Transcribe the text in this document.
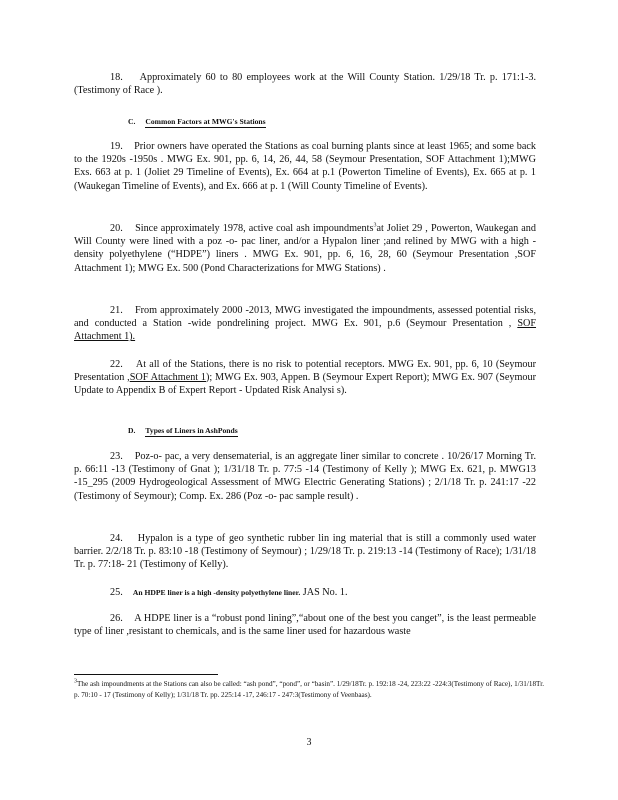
18.    Approximately 60 to 80 employees work at the Will County Station. 1/29/18 Tr. p. 171:1-3. (Testimony of Race ).

C. Common Factors at MWG's Stations

19.    Prior owners have operated the Stations as coal burning plants since at least 1965; and some back to the 1920s -1950s . MWG Ex. 901, pp. 6, 14, 26, 44, 58 (Seymour Presentation, SOF Attachment 1);MWG Exs. 663 at p. 1 (Joliet 29 Timeline of Events), Ex. 664 at p.1 (Powerton Timeline of Events), Ex. 665 at p. 1 (Waukegan Timeline of Events), and Ex. 666 at p. 1 (Will County Timeline of Events).

20.    Since approximately 1978, active coal ash impoundments$^3$at Joliet 29 , Powerton, Waukegan and Will County were lined with a poz -o- pac liner, and/or a Hypalon liner ;and relined by MWG with a high -density polyethylene (“HDPE”) liners . MWG Ex. 901, pp. 6, 16, 28, 60 (Seymour Presentation ,SOF Attachment 1); MWG Ex. 500 (Pond Characterizations for MWG Stations) .

21.    From approximately 2000 -2013, MWG investigated the impoundments, assessed potential risks, and conducted a Station -wide pondrelining project. MWG Ex. 901, p.6 (Seymour Presentation , SOF Attachment 1).

22.    At all of the Stations, there is no risk to potential receptors. MWG Ex. 901, pp. 6, 10 (Seymour Presentation ,SOF Attachment 1); MWG Ex. 903, Appen. B (Seymour Expert Report); MWG Ex. 907 (Seymour Update to Appendix B of Expert Report - Updated Risk Analysi s).

D. Types of Liners in AshPonds

23.    Poz-o- pac, a very densematerial, is an aggregate liner similar to concrete . 10/26/17 Morning Tr. p. 66:11 -13 (Testimony of Gnat ); 1/31/18 Tr. p. 77:5 -14 (Testimony of Kelly ); MWG Ex. 621, p. MWG13 -15_295 (2009 Hydrogeological Assessment of MWG Electric Generating Stations) ; 2/1/18 Tr. p. 241:17 -22 (Testimony of Seymour); Comp. Ex. 286 (Poz -o- pac sample result) .

24.    Hypalon is a type of geo synthetic rubber lin ing material that is still a commonly used water barrier. 2/2/18 Tr. p. 83:10 -18 (Testimony of Seymour) ; 1/29/18 Tr. p. 219:13 -14 (Testimony of Race); 1/31/18 Tr. p. 77:18- 21 (Testimony of Kelly).

25.    An HDPE liner is a high -density polyethylene liner. JAS No. 1.

26.    A HDPE liner is a “robust pond lining”,“about one of the best you canget”, is the least permeable type of liner ,resistant to chemicals, and is the same liner used for hazardous waste

$^3$The ash impoundments at the Stations can also be called: “ash pond”, “pond”, or “basin”. 1/29/18Tr. p. 192:18 -24, 223:22 -224:3(Testimony of Race), 1/31/18Tr. p. 70:10 - 17 (Testimony of Kelly); 1/31/18 Tr. pp. 225:14 -17, 246:17 - 247:3(Testimony of Veenbaas).

3
